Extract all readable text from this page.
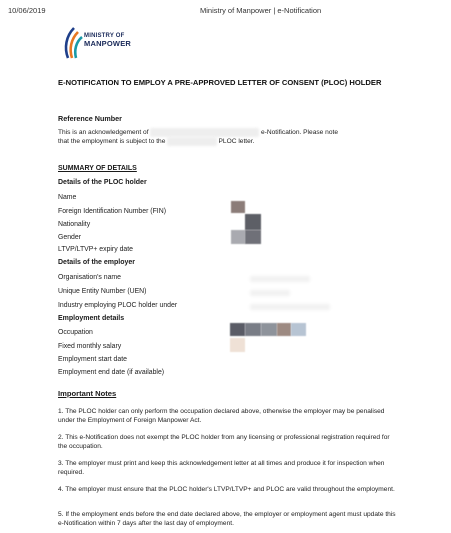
10/06/2019	Ministry of Manpower | e-Notification
MINISTRY OF
MANPOWER
E-NOTIFICATION TO EMPLOY A PRE-APPROVED LETTER OF CONSENT (PLOC) HOLDER
Reference Number
This is an acknowledgement of xxxxxxxxxxxxxxxxxxxxxxxxxxxxxxxxx e-Notification. Please note
that the employment is subject to the xxxxxxxxxxxxxxx PLOC letter.
SUMMARY OF DETAILS
Details of the PLOC holder
Name
Foreign Identification Number (FIN)
Nationality
Gender
LTVP/LTVP+ expiry date
Details of the employer
Organisation's name
Unique Entity Number (UEN)
Industry employing PLOC holder under
Employment details
Occupation
Fixed monthly salary
Employment start date
Employment end date (if available)
Important Notes
1. The PLOC holder can only perform the occupation declared above, otherwise the employer may be penalised under the Employment of Foreign Manpower Act.
2. This e-Notification does not exempt the PLOC holder from any licensing or professional registration required for the occupation.
3. The employer must print and keep this acknowledgement letter at all times and produce it for inspection when required.
4. The employer must ensure that the PLOC holder's LTVP/LTVP+ and PLOC are valid throughout the employment.
5. If the employment ends before the end date declared above, the employer or employment agent must update this e-Notification within 7 days after the last day of employment.
